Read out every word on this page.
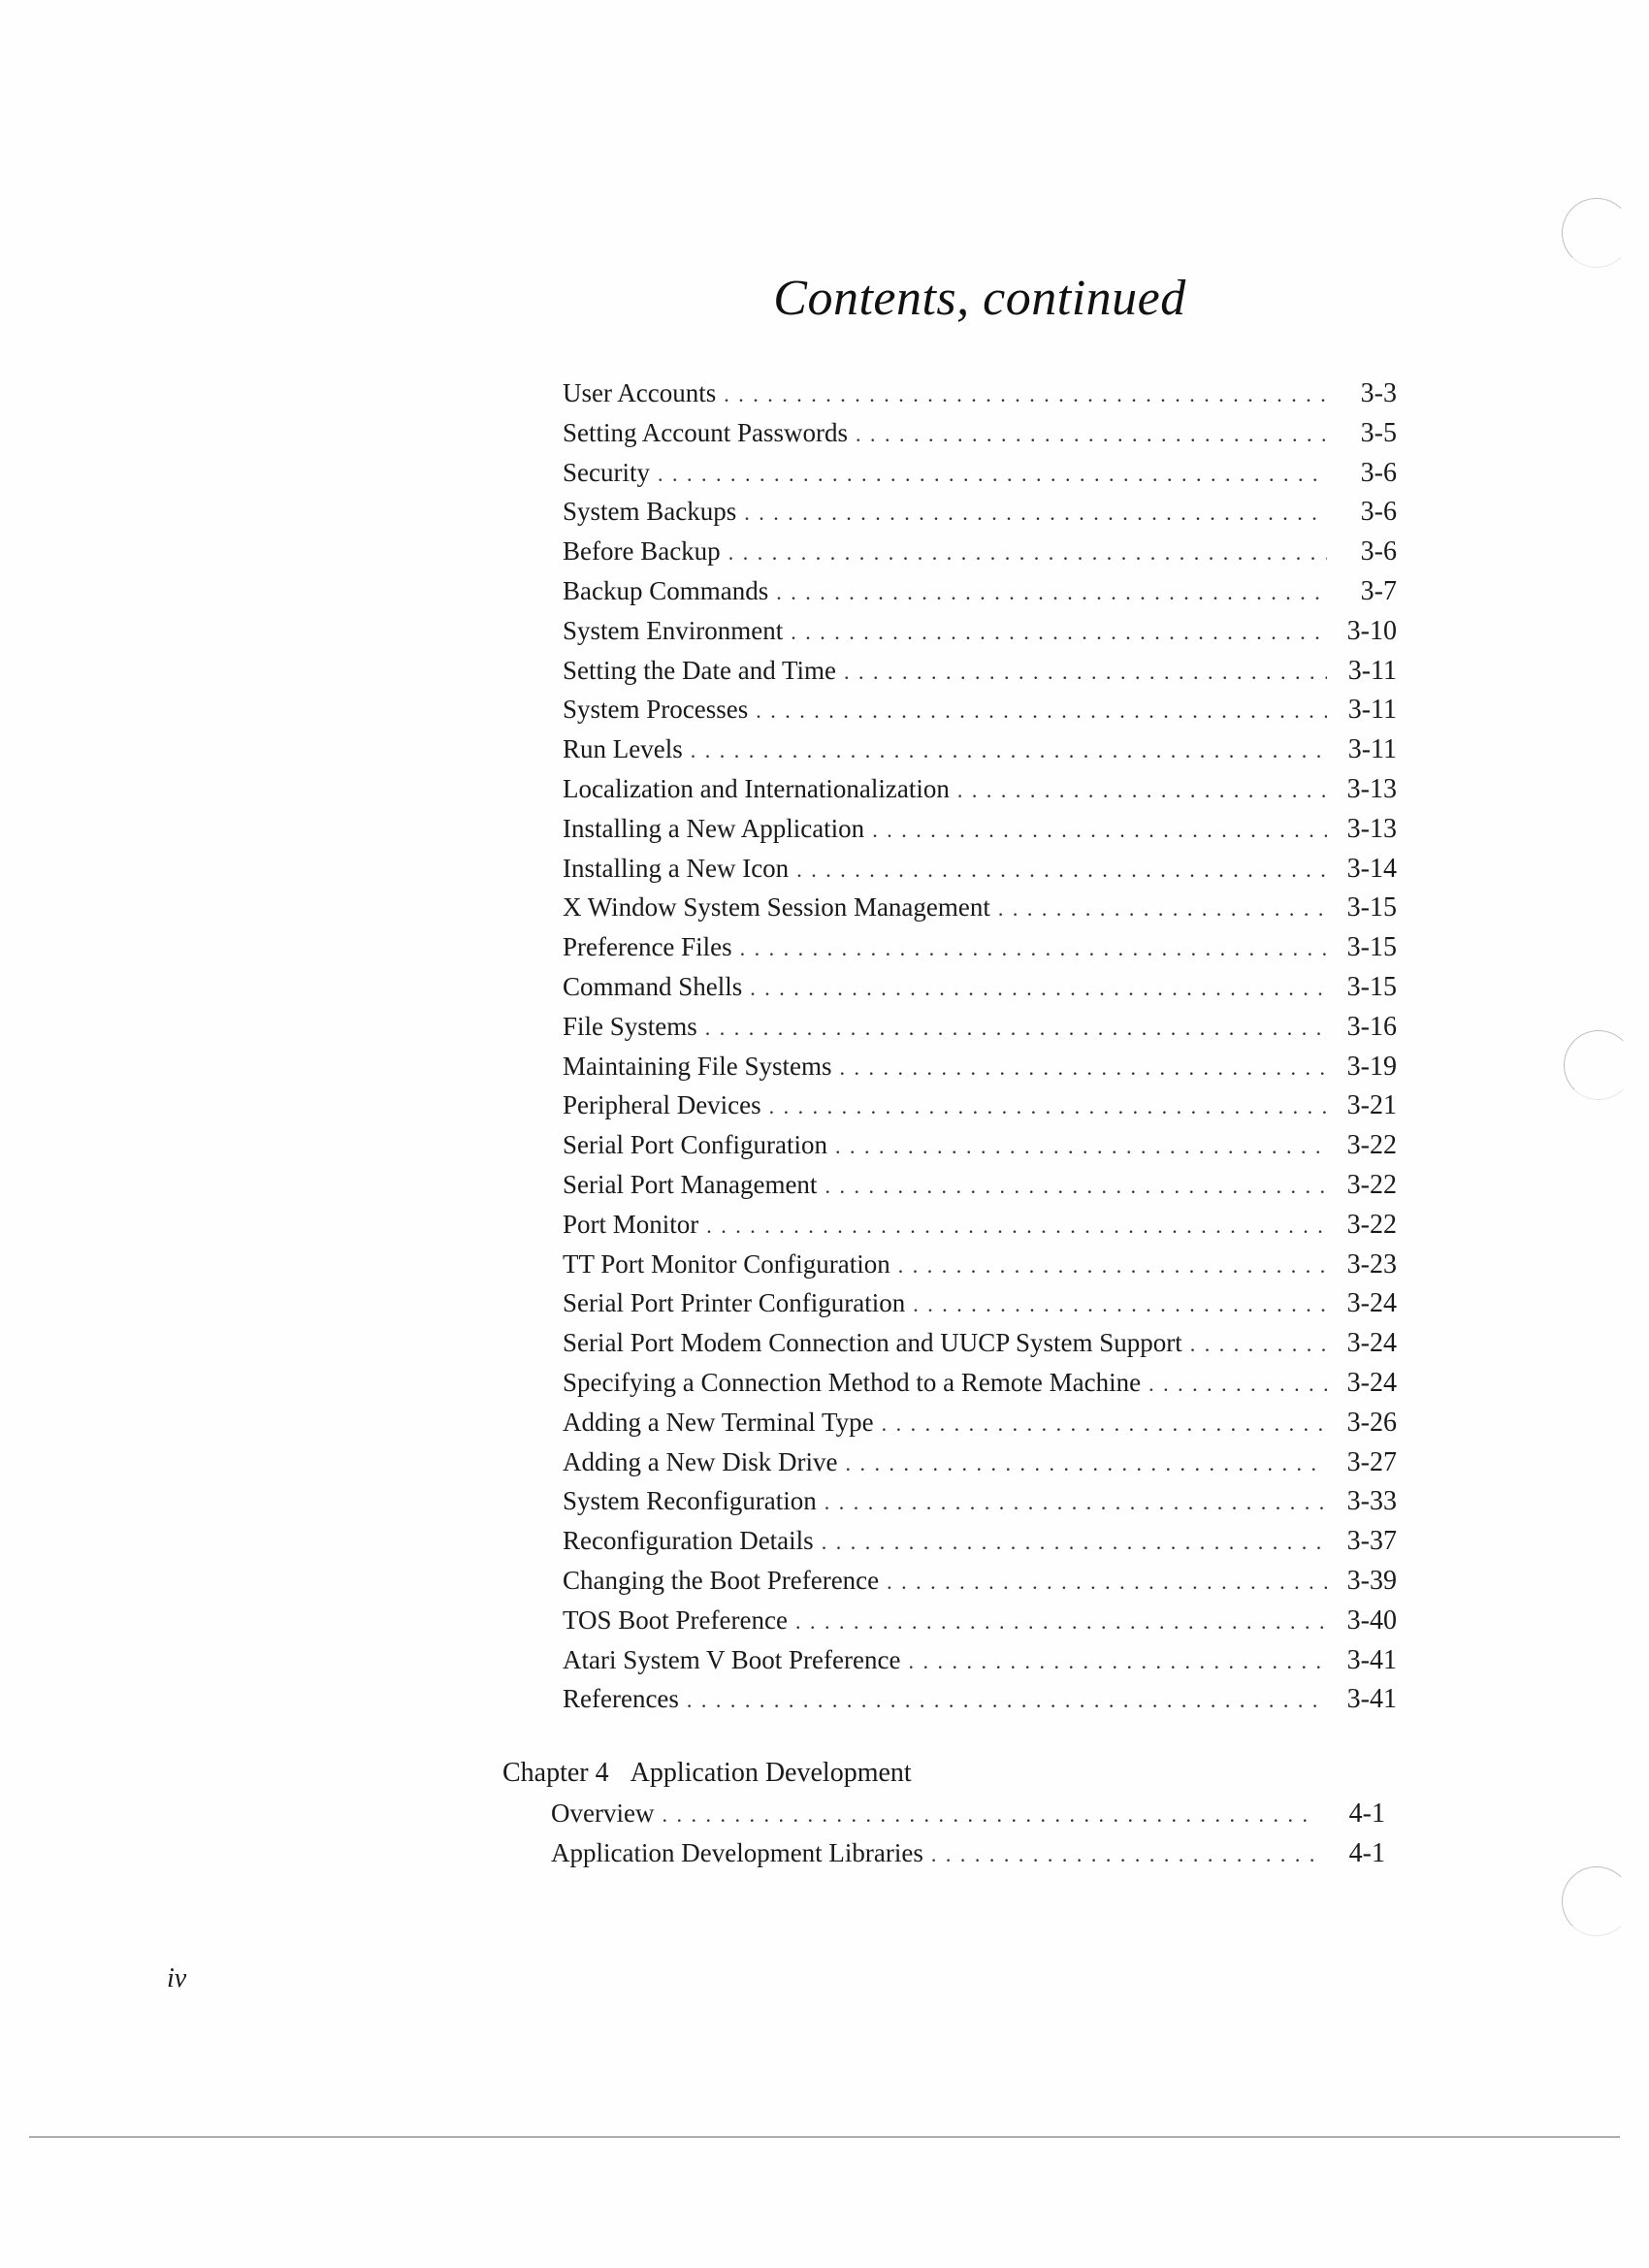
Contents, continued
User Accounts . . .	3-3
Setting Account Passwords . . .	3-5
Security . . .	3-6
System Backups . . .	3-6
Before Backup . . .	3-6
Backup Commands . . .	3-7
System Environment . . .	3-10
Setting the Date and Time . . .	3-11
System Processes . . .	3-11
Run Levels . . .	3-11
Localization and Internationalization . . .	3-13
Installing a New Application . . .	3-13
Installing a New Icon . . .	3-14
X Window System Session Management . . .	3-15
Preference Files . . .	3-15
Command Shells . . .	3-15
File Systems . . .	3-16
Maintaining File Systems . . .	3-19
Peripheral Devices . . .	3-21
Serial Port Configuration . . .	3-22
Serial Port Management . . .	3-22
Port Monitor . . .	3-22
TT Port Monitor Configuration . . .	3-23
Serial Port Printer Configuration . . .	3-24
Serial Port Modem Connection and UUCP System Support . . .	3-24
Specifying a Connection Method to a Remote Machine . . .	3-24
Adding a New Terminal Type . . .	3-26
Adding a New Disk Drive . . .	3-27
System Reconfiguration . . .	3-33
Reconfiguration Details . . .	3-37
Changing the Boot Preference . . .	3-39
TOS Boot Preference . . .	3-40
Atari System V Boot Preference . . .	3-41
References . . .	3-41
Chapter 4 Application Development
Overview . . .	4-1
Application Development Libraries . . .	4-1
iv
